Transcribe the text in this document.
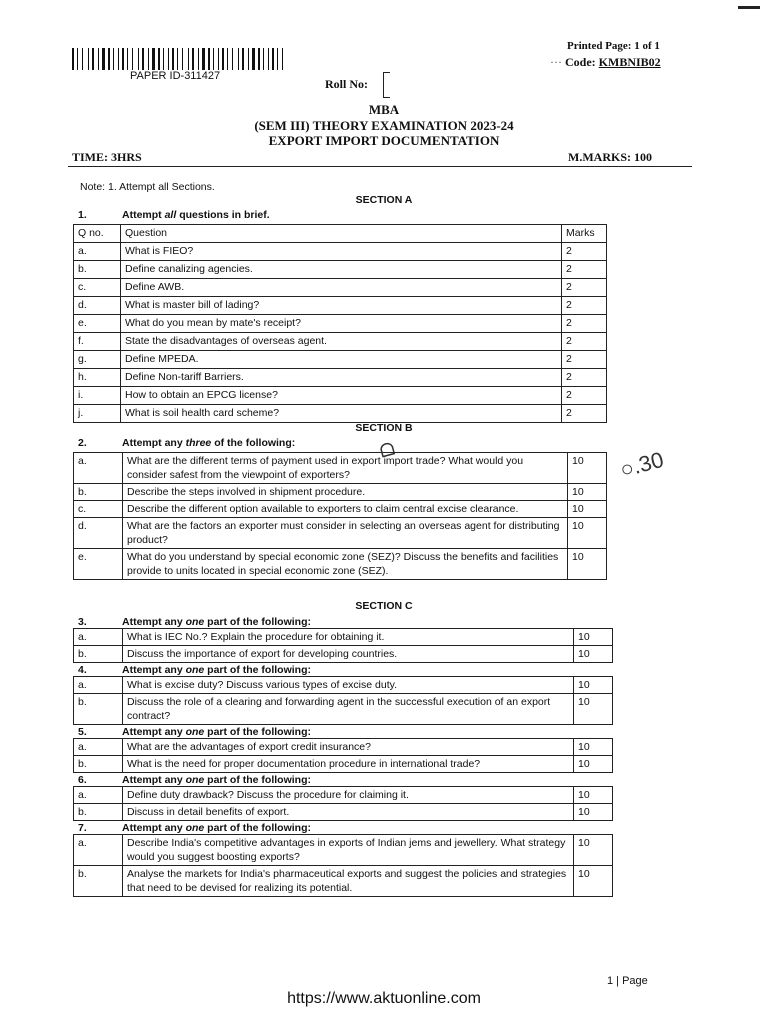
PAPER ID-311427
Printed Page: 1 of 1
··· Code: KMBNIB02
Roll No:
MBA
(SEM III) THEORY EXAMINATION 2023-24
EXPORT IMPORT DOCUMENTATION
TIME: 3HRS	M.MARKS: 100
Note: 1. Attempt all Sections.
SECTION A
1.	Attempt all questions in brief.
Q no.	Question	Marks
a.	What is FIEO?	2
b.	Define canalizing agencies.	2
c.	Define AWB.	2
d.	What is master bill of lading?	2
e.	What do you mean by mate's receipt?	2
f.	State the disadvantages of overseas agent.	2
g.	Define MPEDA.	2
h.	Define Non-tariff Barriers.	2
i.	How to obtain an EPCG license?	2
j.	What is soil health card scheme?	2
SECTION B
2.	Attempt any three of the following:
a.	What are the different terms of payment used in export import trade? What would you consider safest from the viewpoint of exporters?	10
b.	Describe the steps involved in shipment procedure.	10
c.	Describe the different option available to exporters to claim central excise clearance.	10
d.	What are the factors an exporter must consider in selecting an overseas agent for distributing product?	10
e.	What do you understand by special economic zone (SEZ)? Discuss the benefits and facilities provide to units located in special economic zone (SEZ).	10
SECTION C
3.	Attempt any one part of the following:
a.	What is IEC No.? Explain the procedure for obtaining it.	10
b.	Discuss the importance of export for developing countries.	10
4.	Attempt any one part of the following:
a.	What is excise duty? Discuss various types of excise duty.	10
b.	Discuss the role of a clearing and forwarding agent in the successful execution of an export contract?	10
5.	Attempt any one part of the following:
a.	What are the advantages of export credit insurance?	10
b.	What is the need for proper documentation procedure in international trade?	10
6.	Attempt any one part of the following:
a.	Define duty drawback? Discuss the procedure for claiming it.	10
b.	Discuss in detail benefits of export.	10
7.	Attempt any one part of the following:
a.	Describe India's competitive advantages in exports of Indian jems and jewellery. What strategy would you suggest boosting exports?	10
b.	Analyse the markets for India's pharmaceutical exports and suggest the policies and strategies that need to be devised for realizing its potential.	10
○.30
ᗝ
1 | Page
https://www.aktuonline.com
